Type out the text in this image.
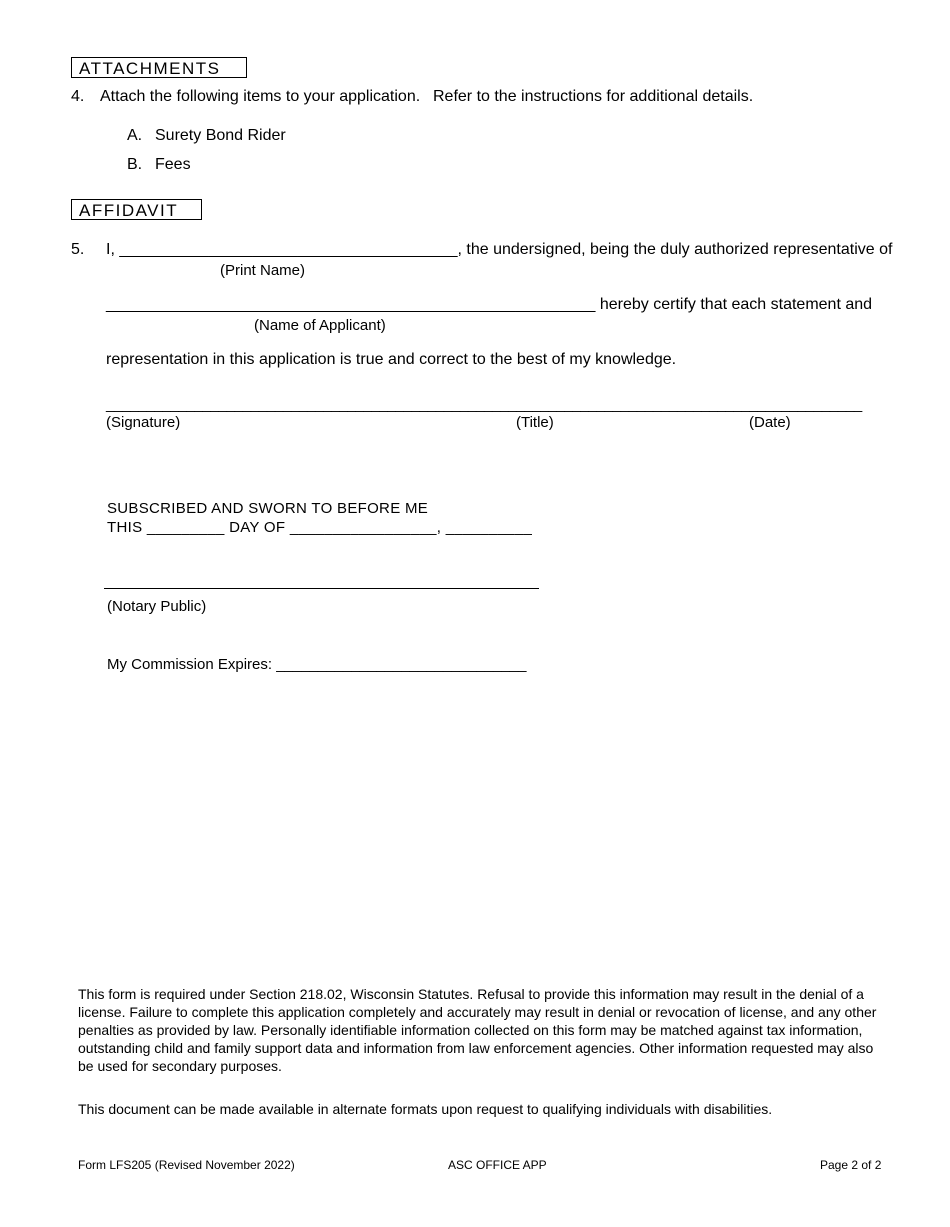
ATTACHMENTS
4. Attach the following items to your application. Refer to the instructions for additional details.
A. Surety Bond Rider
B. Fees
AFFIDAVIT
5. I, ______________________________________, the undersigned, being the duly authorized representative of
(Print Name)
_______________________________________________________ hereby certify that each statement and
(Name of Applicant)
representation in this application is true and correct to the best of my knowledge.
______________________________________________________________________________________________
(Signature)	(Title)	(Date)
SUBSCRIBED AND SWORN TO BEFORE ME
THIS _________ DAY OF _________________, __________
(Notary Public)
My Commission Expires: ______________________________
This form is required under Section 218.02, Wisconsin Statutes. Refusal to provide this information may result in the denial of a
license. Failure to complete this application completely and accurately may result in denial or revocation of license, and any other
penalties as provided by law. Personally identifiable information collected on this form may be matched against tax information,
outstanding child and family support data and information from law enforcement agencies. Other information requested may also
be used for secondary purposes.
This document can be made available in alternate formats upon request to qualifying individuals with disabilities.
Form LFS205 (Revised November 2022)	ASC OFFICE APP	Page 2 of 2
